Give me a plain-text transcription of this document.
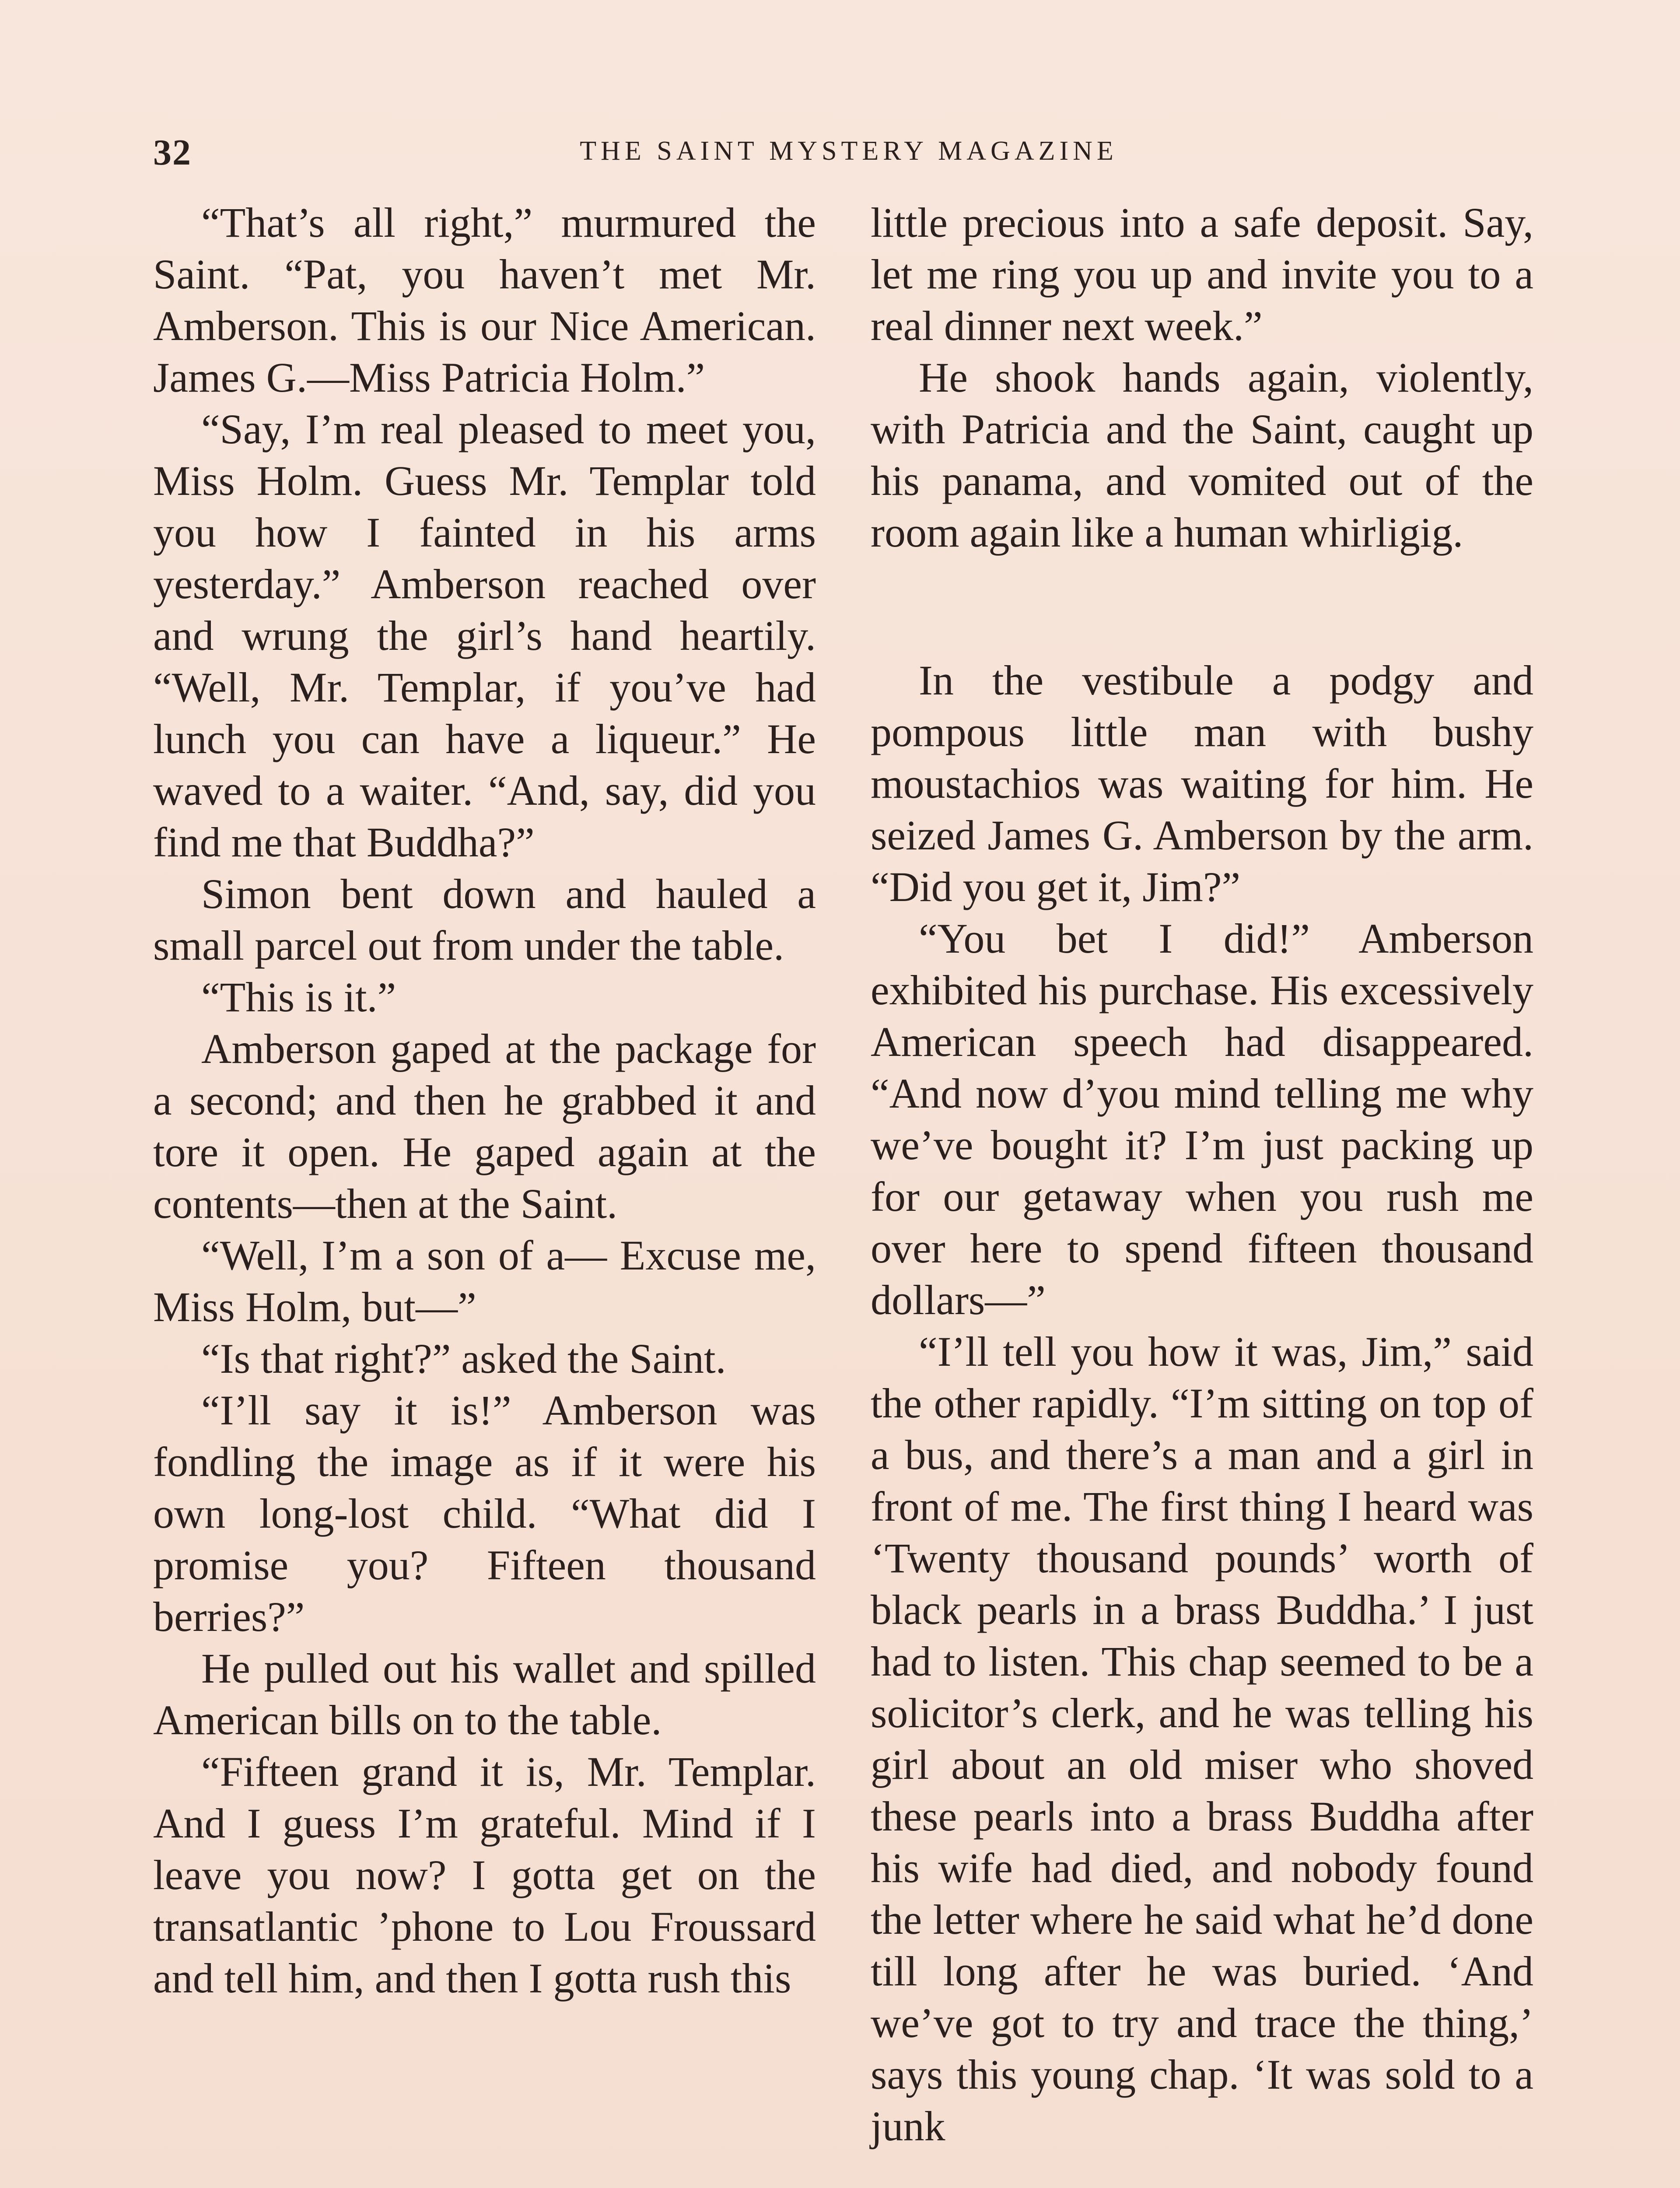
32	THE SAINT MYSTERY MAGAZINE

“That’s all right,” murmured the Saint. “Pat, you haven’t met Mr. Amberson. This is our Nice American. James G.—Miss Patricia Holm.”

“Say, I’m real pleased to meet you, Miss Holm. Guess Mr. Templar told you how I fainted in his arms yesterday.” Amberson reached over and wrung the girl’s hand heartily. “Well, Mr. Templar, if you’ve had lunch you can have a liqueur.” He waved to a waiter. “And, say, did you find me that Buddha?”

Simon bent down and hauled a small parcel out from under the table.

“This is it.”

Amberson gaped at the package for a second; and then he grabbed it and tore it open. He gaped again at the contents—then at the Saint.

“Well, I’m a son of a— Excuse me, Miss Holm, but—”

“Is that right?” asked the Saint.

“I’ll say it is!” Amberson was fondling the image as if it were his own long-lost child. “What did I promise you? Fifteen thousand berries?”

He pulled out his wallet and spilled American bills on to the table.

“Fifteen grand it is, Mr. Templar. And I guess I’m grateful. Mind if I leave you now? I gotta get on the transatlantic ’phone to Lou Froussard and tell him, and then I gotta rush this

little precious into a safe deposit. Say, let me ring you up and invite you to a real dinner next week.”

He shook hands again, violently, with Patricia and the Saint, caught up his panama, and vomited out of the room again like a human whirligig.

In the vestibule a podgy and pompous little man with bushy moustachios was waiting for him. He seized James G. Amberson by the arm. “Did you get it, Jim?”

“You bet I did!” Amberson exhibited his purchase. His excessively American speech had disappeared. “And now d’you mind telling me why we’ve bought it? I’m just packing up for our getaway when you rush me over here to spend fifteen thousand dollars—”

“I’ll tell you how it was, Jim,” said the other rapidly. “I’m sitting on top of a bus, and there’s a man and a girl in front of me. The first thing I heard was ‘Twenty thousand pounds’ worth of black pearls in a brass Buddha.’ I just had to listen. This chap seemed to be a solicitor’s clerk, and he was telling his girl about an old miser who shoved these pearls into a brass Buddha after his wife had died, and nobody found the letter where he said what he’d done till long after he was buried. ‘And we’ve got to try and trace the thing,’ says this young chap. ‘It was sold to a junk
